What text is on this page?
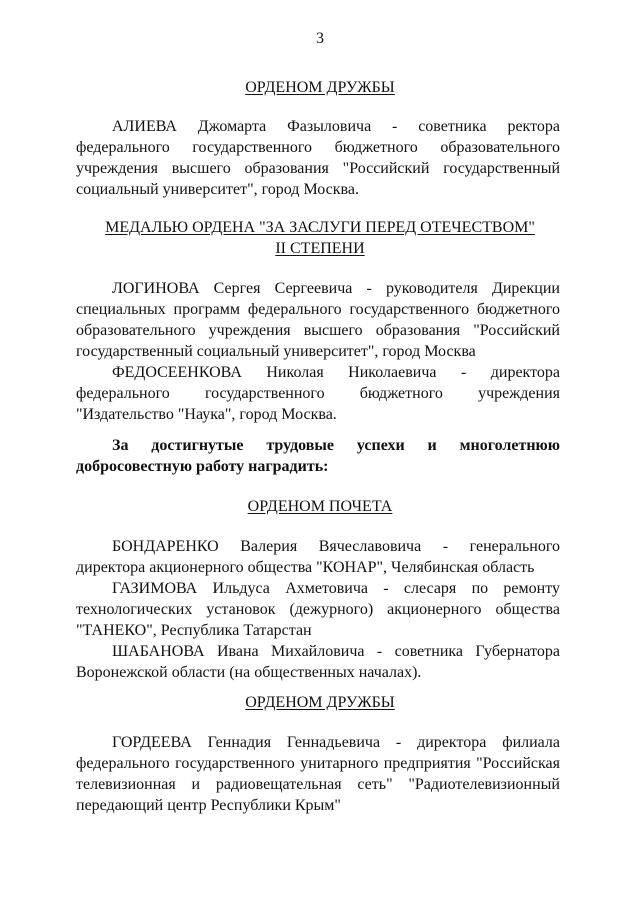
3
ОРДЕНОМ ДРУЖБЫ

АЛИЕВА Джомарта Фазыловича - советника ректора федерального государственного бюджетного образовательного учреждения высшего образования "Российский государственный социальный университет", город Москва.

МЕДАЛЬЮ ОРДЕНА "ЗА ЗАСЛУГИ ПЕРЕД ОТЕЧЕСТВОМ"
II СТЕПЕНИ

ЛОГИНОВА Сергея Сергеевича - руководителя Дирекции специальных программ федерального государственного бюджетного образовательного учреждения высшего образования "Российский государственный социальный университет", город Москва

ФЕДОСЕЕНКОВА Николая Николаевича - директора федерального государственного бюджетного учреждения "Издательство "Наука", город Москва.

За достигнутые трудовые успехи и многолетнюю добросовестную работу наградить:

ОРДЕНОМ ПОЧЕТА

БОНДАРЕНКО Валерия Вячеславовича - генерального директора акционерного общества "КОНАР", Челябинская область

ГАЗИМОВА Ильдуса Ахметовича - слесаря по ремонту технологических установок (дежурного) акционерного общества "ТАНЕКО", Республика Татарстан

ШАБАНОВА Ивана Михайловича - советника Губернатора Воронежской области (на общественных началах).

ОРДЕНОМ ДРУЖБЫ

ГОРДЕЕВА Геннадия Геннадьевича - директора филиала федерального государственного унитарного предприятия "Российская телевизионная и радиовещательная сеть" "Радиотелевизионный передающий центр Республики Крым"
